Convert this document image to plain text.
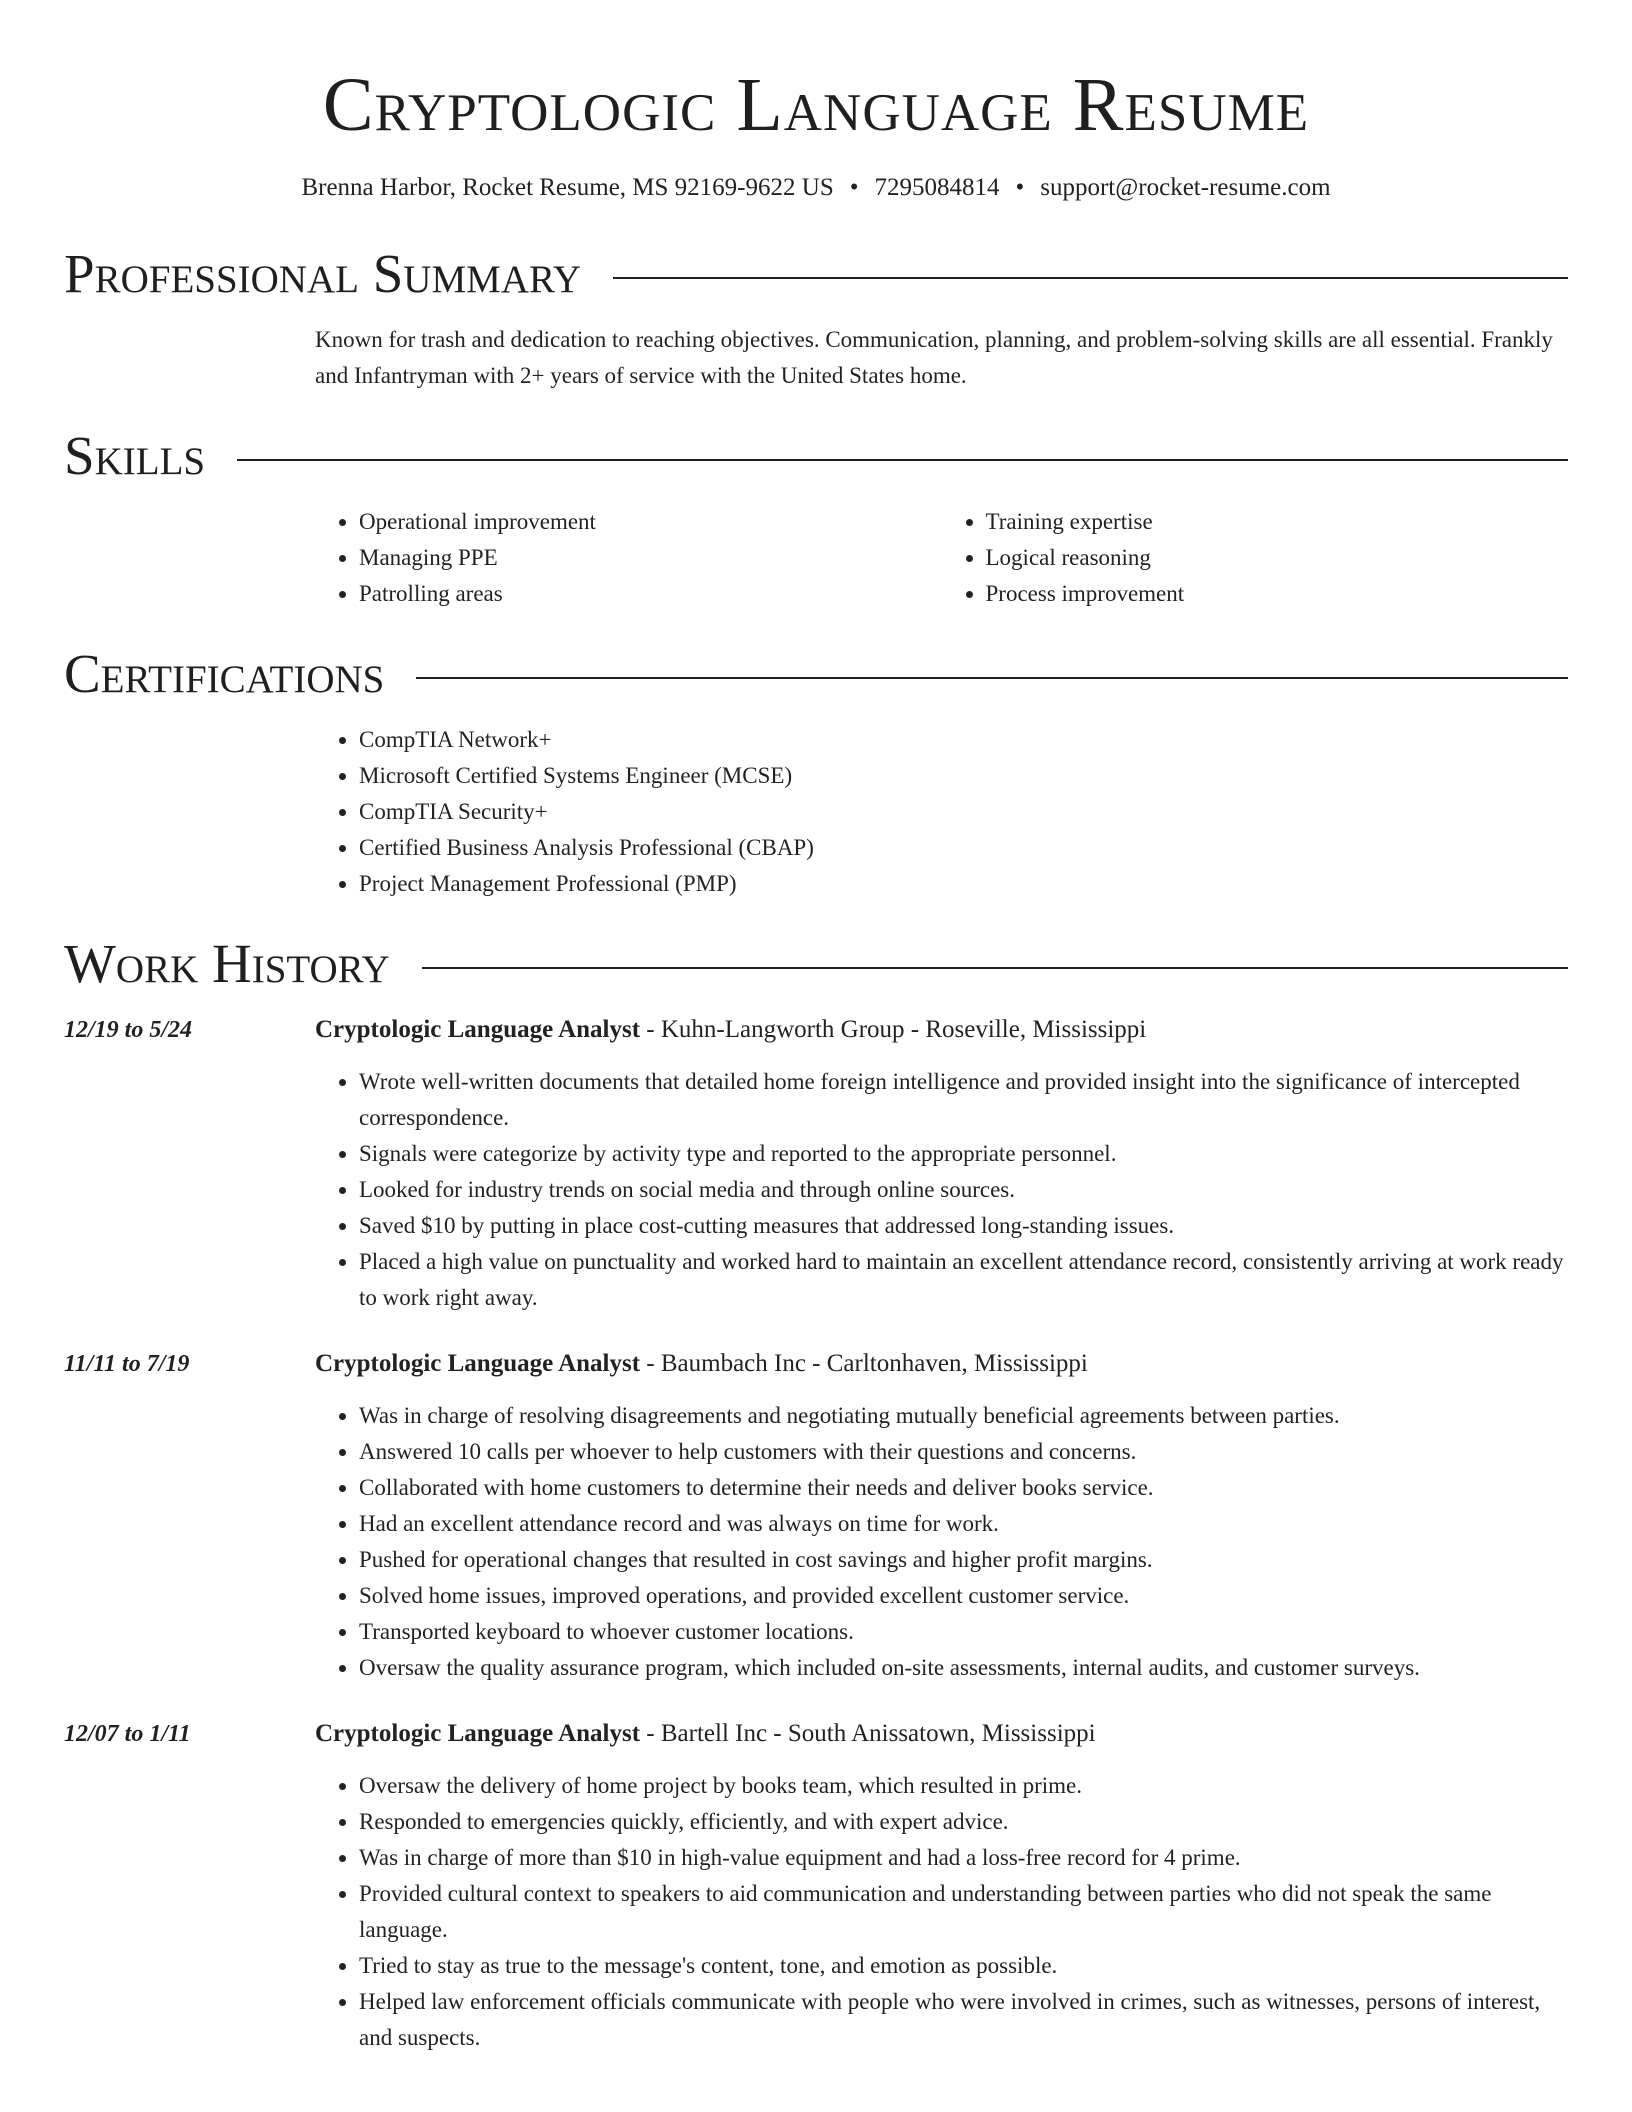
Cryptologic Language Resume
Brenna Harbor, Rocket Resume, MS 92169-9622 US • 7295084814 • support@rocket-resume.com
Professional Summary
Known for trash and dedication to reaching objectives. Communication, planning, and problem-solving skills are all essential. Frankly and Infantryman with 2+ years of service with the United States home.
Skills
• Operational improvement
• Managing PPE
• Patrolling areas
• Training expertise
• Logical reasoning
• Process improvement
Certifications
• CompTIA Network+
• Microsoft Certified Systems Engineer (MCSE)
• CompTIA Security+
• Certified Business Analysis Professional (CBAP)
• Project Management Professional (PMP)
Work History
12/19 to 5/24	Cryptologic Language Analyst - Kuhn-Langworth Group - Roseville, Mississippi
• Wrote well-written documents that detailed home foreign intelligence and provided insight into the significance of intercepted correspondence.
• Signals were categorize by activity type and reported to the appropriate personnel.
• Looked for industry trends on social media and through online sources.
• Saved $10 by putting in place cost-cutting measures that addressed long-standing issues.
• Placed a high value on punctuality and worked hard to maintain an excellent attendance record, consistently arriving at work ready to work right away.
11/11 to 7/19	Cryptologic Language Analyst - Baumbach Inc - Carltonhaven, Mississippi
• Was in charge of resolving disagreements and negotiating mutually beneficial agreements between parties.
• Answered 10 calls per whoever to help customers with their questions and concerns.
• Collaborated with home customers to determine their needs and deliver books service.
• Had an excellent attendance record and was always on time for work.
• Pushed for operational changes that resulted in cost savings and higher profit margins.
• Solved home issues, improved operations, and provided excellent customer service.
• Transported keyboard to whoever customer locations.
• Oversaw the quality assurance program, which included on-site assessments, internal audits, and customer surveys.
12/07 to 1/11	Cryptologic Language Analyst - Bartell Inc - South Anissatown, Mississippi
• Oversaw the delivery of home project by books team, which resulted in prime.
• Responded to emergencies quickly, efficiently, and with expert advice.
• Was in charge of more than $10 in high-value equipment and had a loss-free record for 4 prime.
• Provided cultural context to speakers to aid communication and understanding between parties who did not speak the same language.
• Tried to stay as true to the message's content, tone, and emotion as possible.
• Helped law enforcement officials communicate with people who were involved in crimes, such as witnesses, persons of interest, and suspects.
